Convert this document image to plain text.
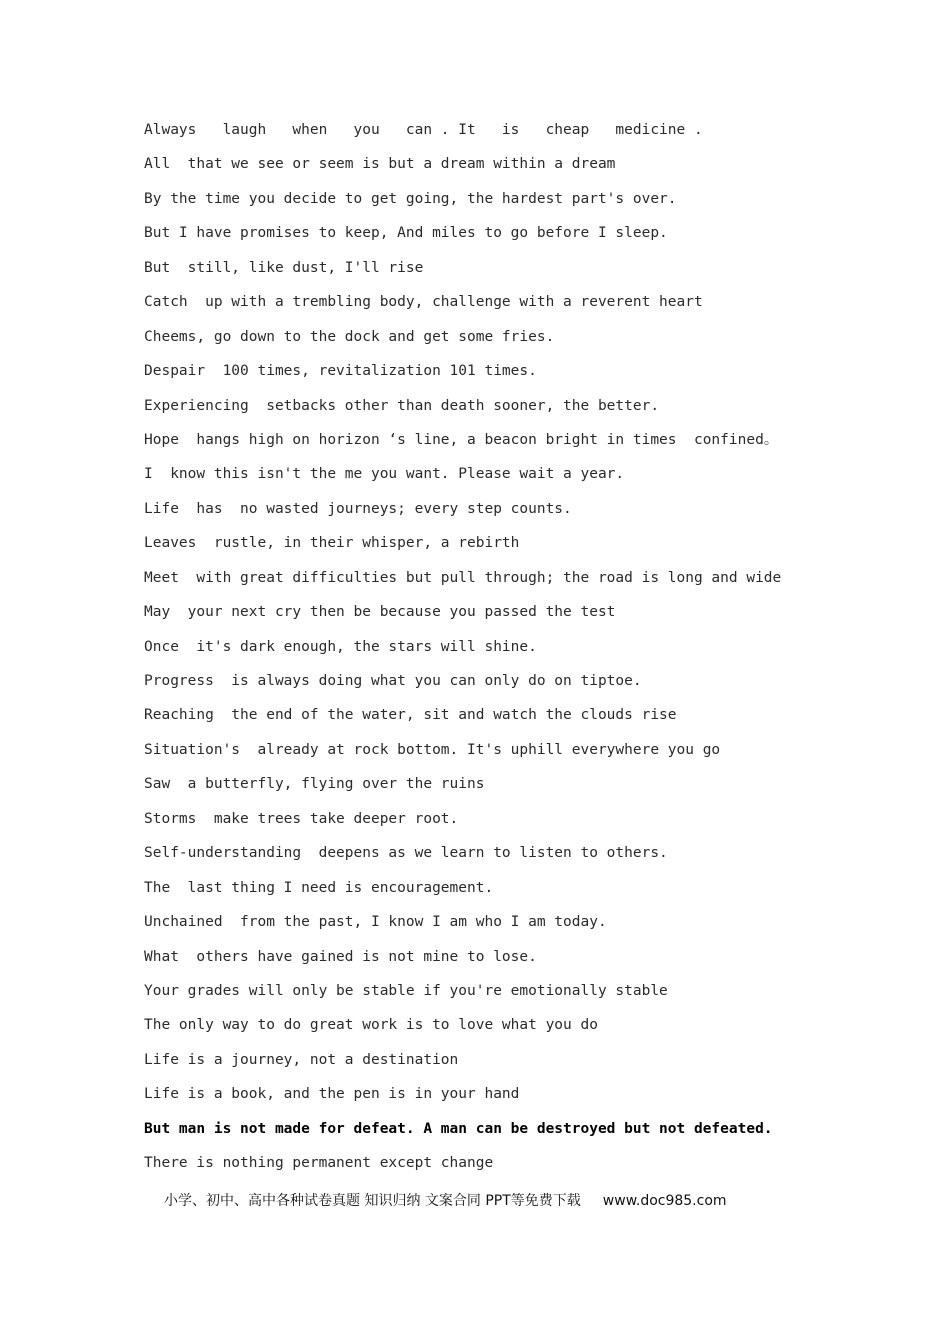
Always   laugh   when   you   can . It   is   cheap   medicine .
All  that we see or seem is but a dream within a dream
By the time you decide to get going, the hardest part's over.
But I have promises to keep, And miles to go before I sleep.
But  still, like dust, I'll rise
Catch  up with a trembling body, challenge with a reverent heart
Cheems, go down to the dock and get some fries.
Despair  100 times, revitalization 101 times.
Experiencing  setbacks other than death sooner, the better.
Hope  hangs high on horizon ‘s line, a beacon bright in times  confined。
I  know this isn't the me you want. Please wait a year.
Life  has  no wasted journeys; every step counts.
Leaves  rustle, in their whisper, a rebirth
Meet  with great difficulties but pull through; the road is long and wide
May  your next cry then be because you passed the test
Once  it's dark enough, the stars will shine.
Progress  is always doing what you can only do on tiptoe.
Reaching  the end of the water, sit and watch the clouds rise
Situation's  already at rock bottom. It's uphill everywhere you go
Saw  a butterfly, flying over the ruins
Storms  make trees take deeper root.
Self-understanding  deepens as we learn to listen to others.
The  last thing I need is encouragement.
Unchained  from the past, I know I am who I am today.
What  others have gained is not mine to lose.
Your grades will only be stable if you're emotionally stable
The only way to do great work is to love what you do
Life is a journey, not a destination
Life is a book, and the pen is in your hand
But man is not made for defeat. A man can be destroyed but not defeated.
There is nothing permanent except change
小学、初中、高中各种试卷真题 知识归纳 文案合同 PPT等免费下载 www.doc985.com
